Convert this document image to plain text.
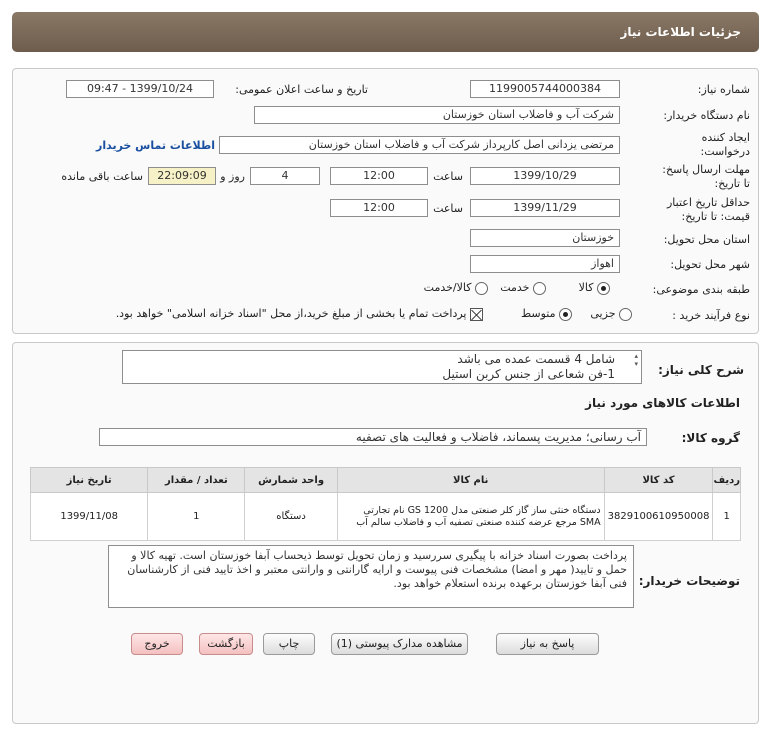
جزئیات اطلاعات نیاز
شماره نیاز:
1199005744000384
تاریخ و ساعت اعلان عمومی:
1399/10/24 - 09:47
نام دستگاه خریدار:
شرکت آب و فاضلاب استان خوزستان
ایجاد کننده
درخواست:
مرتضی یزدانی اصل کارپرداز شرکت آب و فاضلاب استان خوزستان
اطلاعات تماس خریدار
مهلت ارسال پاسخ:
تا تاریخ:
1399/10/29
ساعت
12:00
4
روز و
22:09:09
ساعت باقی مانده
حداقل تاریخ اعتبار
قیمت: تا تاریخ:
1399/11/29
ساعت
12:00
استان محل تحویل:
خوزستان
شهر محل تحویل:
اهواز
طبقه بندی موضوعی:
کالا
خدمت
کالا/خدمت
نوع فرآیند خرید :
جزیی
متوسط
پرداخت تمام یا بخشی از مبلغ خرید،از محل "اسناد خزانه اسلامی" خواهد بود.
شرح کلی نیاز:
شامل 4 قسمت عمده می باشد
1-فن شعاعی از جنس کربن استیل
▴
▾
اطلاعات کالاهای مورد نیاز
گروه کالا:
آب رسانی؛ مدیریت پسماند، فاضلاب و فعالیت های تصفیه
ردیف	کد کالا	نام کالا	واحد شمارش	تعداد / مقدار	تاریخ نیاز
1	3829100610950008	دستگاه خنثی ساز گاز کلر صنعتی مدل GS 1200 نام تجارتی SMA مرجع عرضه کننده صنعتی تصفیه آب و فاضلاب سالم آب	دستگاه	1	1399/11/08
توضیحات خریدار:
پرداخت بصورت اسناد خزانه با پیگیری سررسید و زمان تحویل توسط ذیحساب آبفا خوزستان است. تهیه کالا و حمل و تایید( مهر و امضا) مشخصات فنی پیوست و ارایه گارانتی و وارانتی معتبر و اخذ تایید فنی از کارشناسان فنی آبفا خوزستان برعهده برنده استعلام خواهد بود.
پاسخ به نیاز
مشاهده مدارک پیوستی (1)
چاپ
بازگشت
خروج
